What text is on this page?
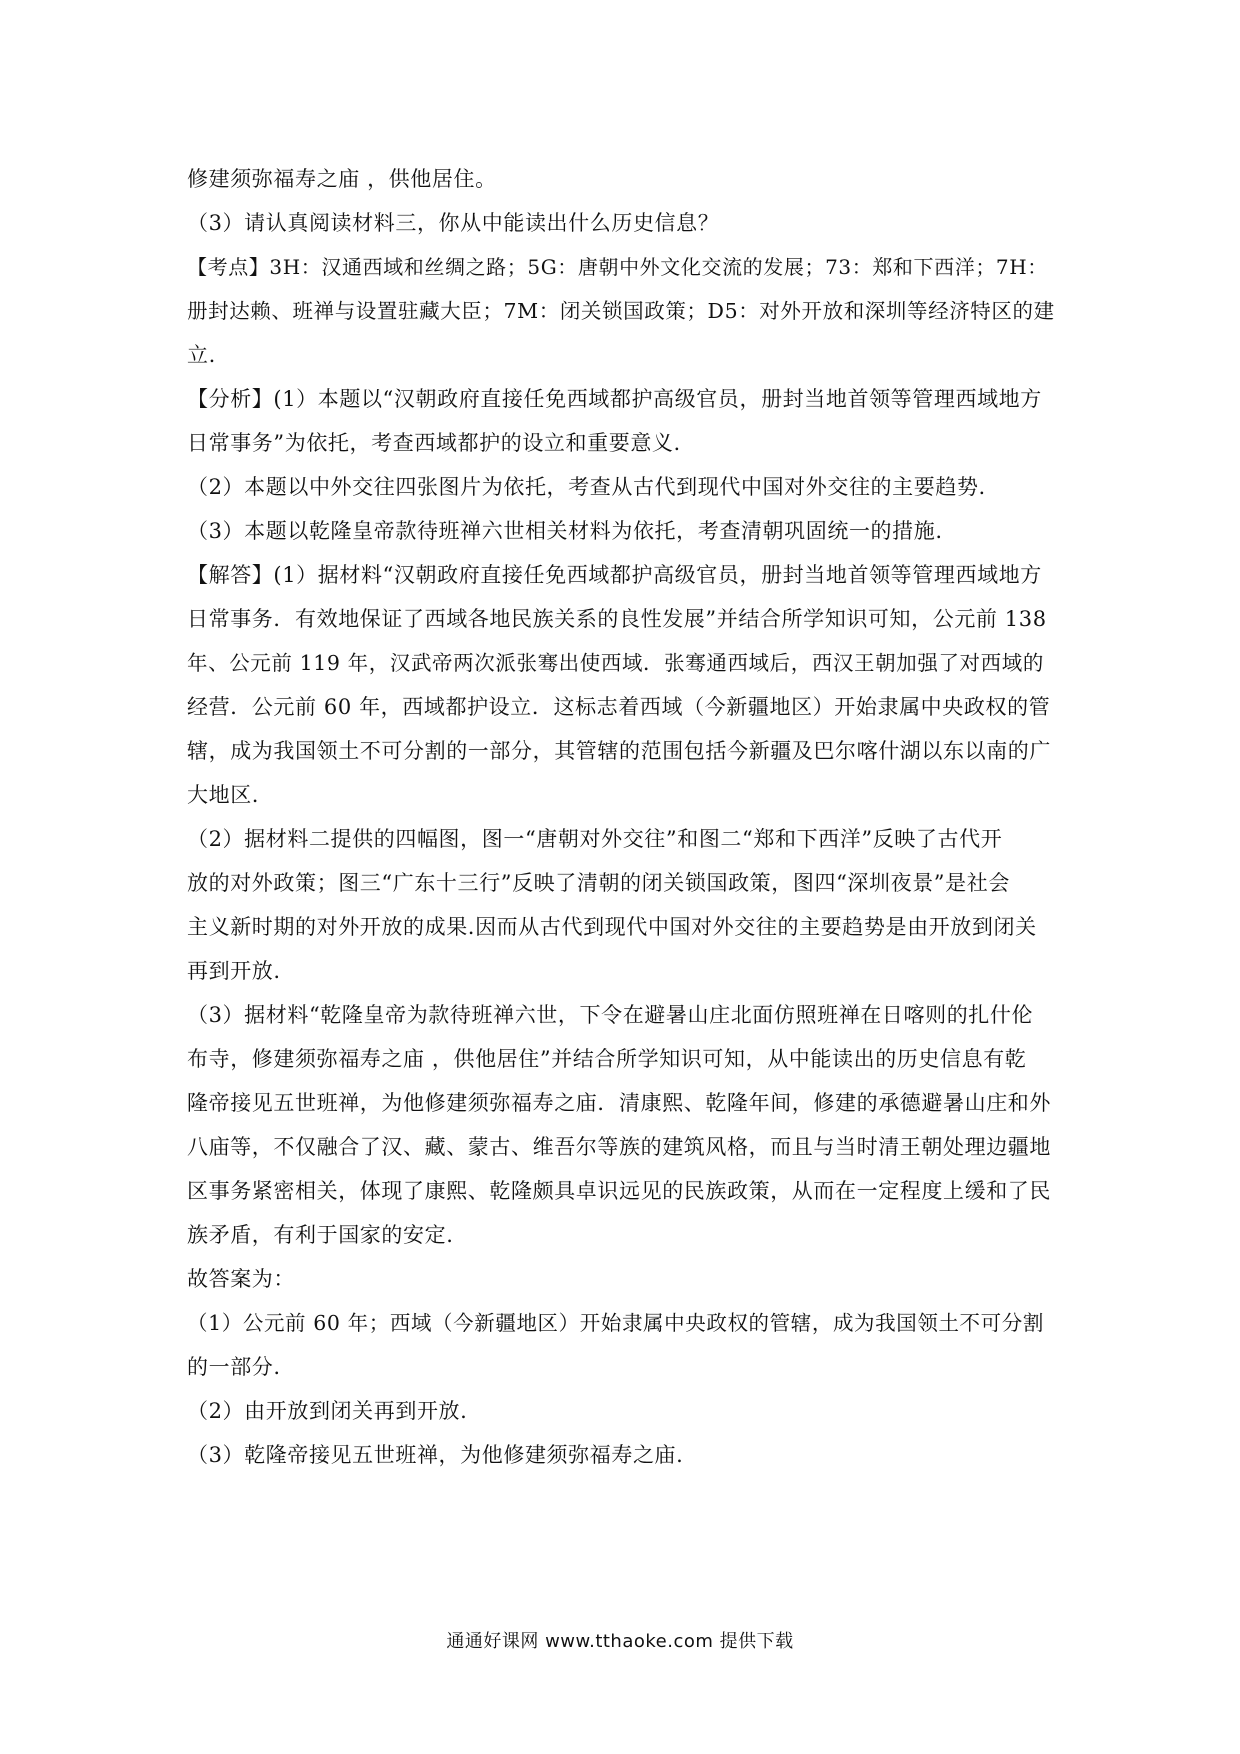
修建须弥福寿之庙 ，供他居住。
（3）请认真阅读材料三，你从中能读出什么历史信息？
【考点】3H：汉通西域和丝绸之路；5G：唐朝中外文化交流的发展；73：郑和下西洋；7H：
册封达赖、班禅与设置驻藏大臣；7M：闭关锁国政策；D5：对外开放和深圳等经济特区的建
立.
【分析】(1）本题以“汉朝政府直接任免西域都护高级官员，册封当地首领等管理西域地方
日常事务”为依托，考查西域都护的设立和重要意义.
（2）本题以中外交往四张图片为依托，考查从古代到现代中国对外交往的主要趋势.
（3）本题以乾隆皇帝款待班禅六世相关材料为依托，考查清朝巩固统一的措施.
【解答】(1）据材料“汉朝政府直接任免西域都护高级官员，册封当地首领等管理西域地方
日常事务．有效地保证了西域各地民族关系的良性发展”并结合所学知识可知，公元前 138
年、公元前 119 年，汉武帝两次派张骞出使西域．张骞通西域后，西汉王朝加强了对西域的
经营．公元前 60 年，西域都护设立．这标志着西域（今新疆地区）开始隶属中央政权的管
辖，成为我国领土不可分割的一部分，其管辖的范围包括今新疆及巴尔喀什湖以东以南的广
大地区.
（2）据材料二提供的四幅图，图一“唐朝对外交往”和图二“郑和下西洋”反映了古代开
放的对外政策；图三“广东十三行”反映了清朝的闭关锁国政策，图四“深圳夜景”是社会
主义新时期的对外开放的成果.因而从古代到现代中国对外交往的主要趋势是由开放到闭关
再到开放.
（3）据材料“乾隆皇帝为款待班禅六世，下令在避暑山庄北面仿照班禅在日喀则的扎什伦
布寺，修建须弥福寿之庙 ，供他居住”并结合所学知识可知，从中能读出的历史信息有乾
隆帝接见五世班禅，为他修建须弥福寿之庙．清康熙、乾隆年间，修建的承德避暑山庄和外
八庙等，不仅融合了汉、藏、蒙古、维吾尔等族的建筑风格，而且与当时清王朝处理边疆地
区事务紧密相关，体现了康熙、乾隆颇具卓识远见的民族政策，从而在一定程度上缓和了民
族矛盾，有利于国家的安定.
故答案为：
（1）公元前 60 年；西域（今新疆地区）开始隶属中央政权的管辖，成为我国领土不可分割
的一部分.
（2）由开放到闭关再到开放.
（3）乾隆帝接见五世班禅，为他修建须弥福寿之庙.
通通好课网 www.tthaoke.com 提供下载
